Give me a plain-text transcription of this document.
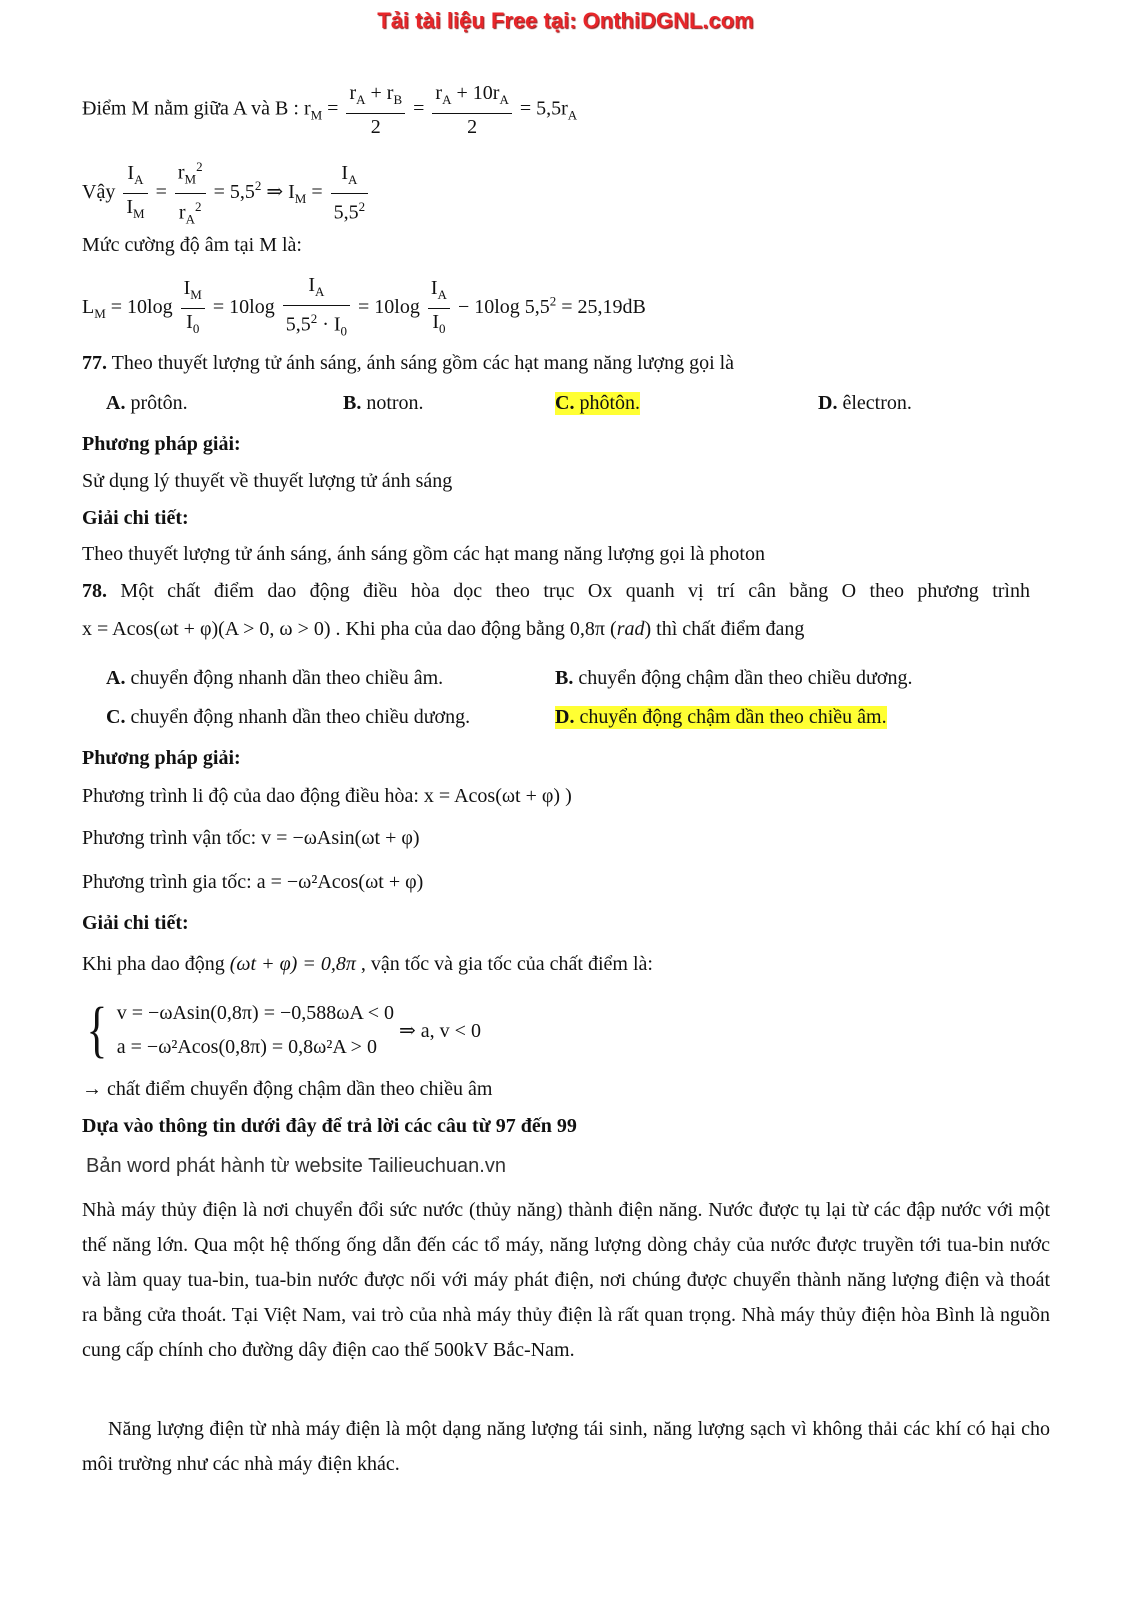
Tải tài liệu Free tại: OnthiDGNL.com
Điểm M nằm giữa A và B : $r_M = \frac{r_A + r_B}{2} = \frac{r_A + 10r_A}{2} = 5,5r_A$
Vậy $\frac{I_A}{I_M} = \frac{r_M^2}{r_A^2} = 5,5^2$ ⇒ $I_M = \frac{I_A}{5,5^2}$
Mức cường độ âm tại M là:
$L_M = 10\log \frac{I_M}{I_0} = 10\log \frac{I_A}{5,5^2 \cdot I_0} = 10\log \frac{I_A}{I_0} - 10\log$ $5,5^2 = 25,19dB$
77. Theo thuyết lượng tử ánh sáng, ánh sáng gồm các hạt mang năng lượng gọi là
A. prôtôn.	B. notron.	C. phôtôn.	D. êlectron.
Phương pháp giải:
Sử dụng lý thuyết về thuyết lượng tử ánh sáng
Giải chi tiết:
Theo thuyết lượng tử ánh sáng, ánh sáng gồm các hạt mang năng lượng gọi là photon
78. Một chất điểm dao động điều hòa dọc theo trục Ox quanh vị trí cân bằng O theo phương trình
x = Acos(ωt + φ)(A > 0, ω > 0) . Khi pha của dao động bằng 0,8π (rad) thì chất điểm đang
A. chuyển động nhanh dần theo chiều âm.	B. chuyển động chậm dần theo chiều dương.
C. chuyển động nhanh dần theo chiều dương.	D. chuyển động chậm dần theo chiều âm.
Phương pháp giải:
Phương trình li độ của dao động điều hòa: x = Acos(ωt + φ) )
Phương trình vận tốc: v = −ωAsin(ωt + φ)
Phương trình gia tốc: a = −ω²Acos(ωt + φ)
Giải chi tiết:
Khi pha dao động (ωt + φ) = 0,8π , vận tốc và gia tốc của chất điểm là:
{ v = −ωAsin(0,8π) = −0,588ωA < 0
a = −ω²Acos(0,8π) = 0,8ω²A > 0
⇒ a, v < 0
→ chất điểm chuyển động chậm dần theo chiều âm
Dựa vào thông tin dưới đây để trả lời các câu từ 97 đến 99
Bản word phát hành từ website Tailieuchuan.vn
Nhà máy thủy điện là nơi chuyển đổi sức nước (thủy năng) thành điện năng. Nước được tụ lại từ các đập nước với một thế năng lớn. Qua một hệ thống ống dẫn đến các tổ máy, năng lượng dòng chảy của nước được truyền tới tua-bin nước và làm quay tua-bin, tua-bin nước được nối với máy phát điện, nơi chúng được chuyển thành năng lượng điện và thoát ra bằng cửa thoát. Tại Việt Nam, vai trò của nhà máy thủy điện là rất quan trọng. Nhà máy thủy điện hòa Bình là nguồn cung cấp chính cho đường dây điện cao thế 500kV Bắc-Nam.
Năng lượng điện từ nhà máy điện là một dạng năng lượng tái sinh, năng lượng sạch vì không thải các khí có hại cho môi trường như các nhà máy điện khác.
